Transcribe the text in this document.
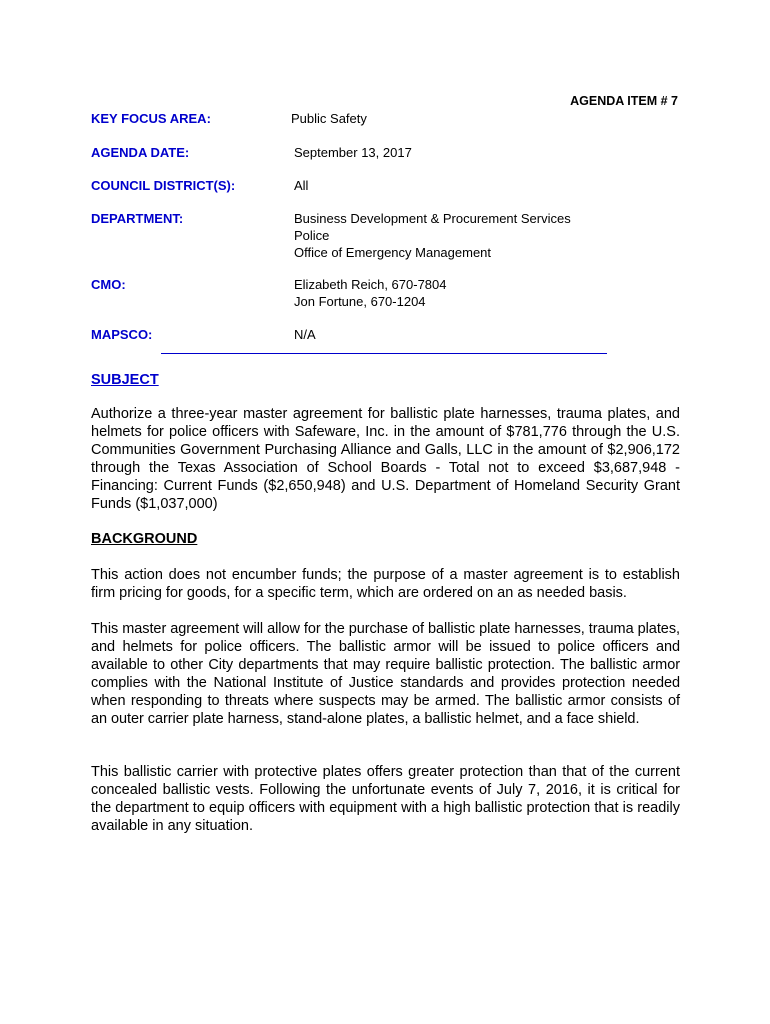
AGENDA ITEM # 7
KEY FOCUS AREA:	Public Safety
AGENDA DATE:	September 13, 2017
COUNCIL DISTRICT(S):	All
DEPARTMENT:	Business Development & Procurement Services
Police
Office of Emergency Management
CMO:	Elizabeth Reich, 670-7804
Jon Fortune, 670-1204
MAPSCO:	N/A
SUBJECT
Authorize a three-year master agreement for ballistic plate harnesses, trauma plates, and helmets for police officers with Safeware, Inc. in the amount of $781,776 through the U.S. Communities Government Purchasing Alliance and Galls, LLC in the amount of $2,906,172 through the Texas Association of School Boards - Total not to exceed $3,687,948 - Financing: Current Funds ($2,650,948) and U.S. Department of Homeland Security Grant Funds ($1,037,000)
BACKGROUND
This action does not encumber funds; the purpose of a master agreement is to establish firm pricing for goods, for a specific term, which are ordered on an as needed basis.
This master agreement will allow for the purchase of ballistic plate harnesses, trauma plates, and helmets for police officers. The ballistic armor will be issued to police officers and available to other City departments that may require ballistic protection. The ballistic armor complies with the National Institute of Justice standards and provides protection needed when responding to threats where suspects may be armed. The ballistic armor consists of an outer carrier plate harness, stand-alone plates, a ballistic helmet, and a face shield.
This ballistic carrier with protective plates offers greater protection than that of the current concealed ballistic vests. Following the unfortunate events of July 7, 2016, it is critical for the department to equip officers with equipment with a high ballistic protection that is readily available in any situation.
